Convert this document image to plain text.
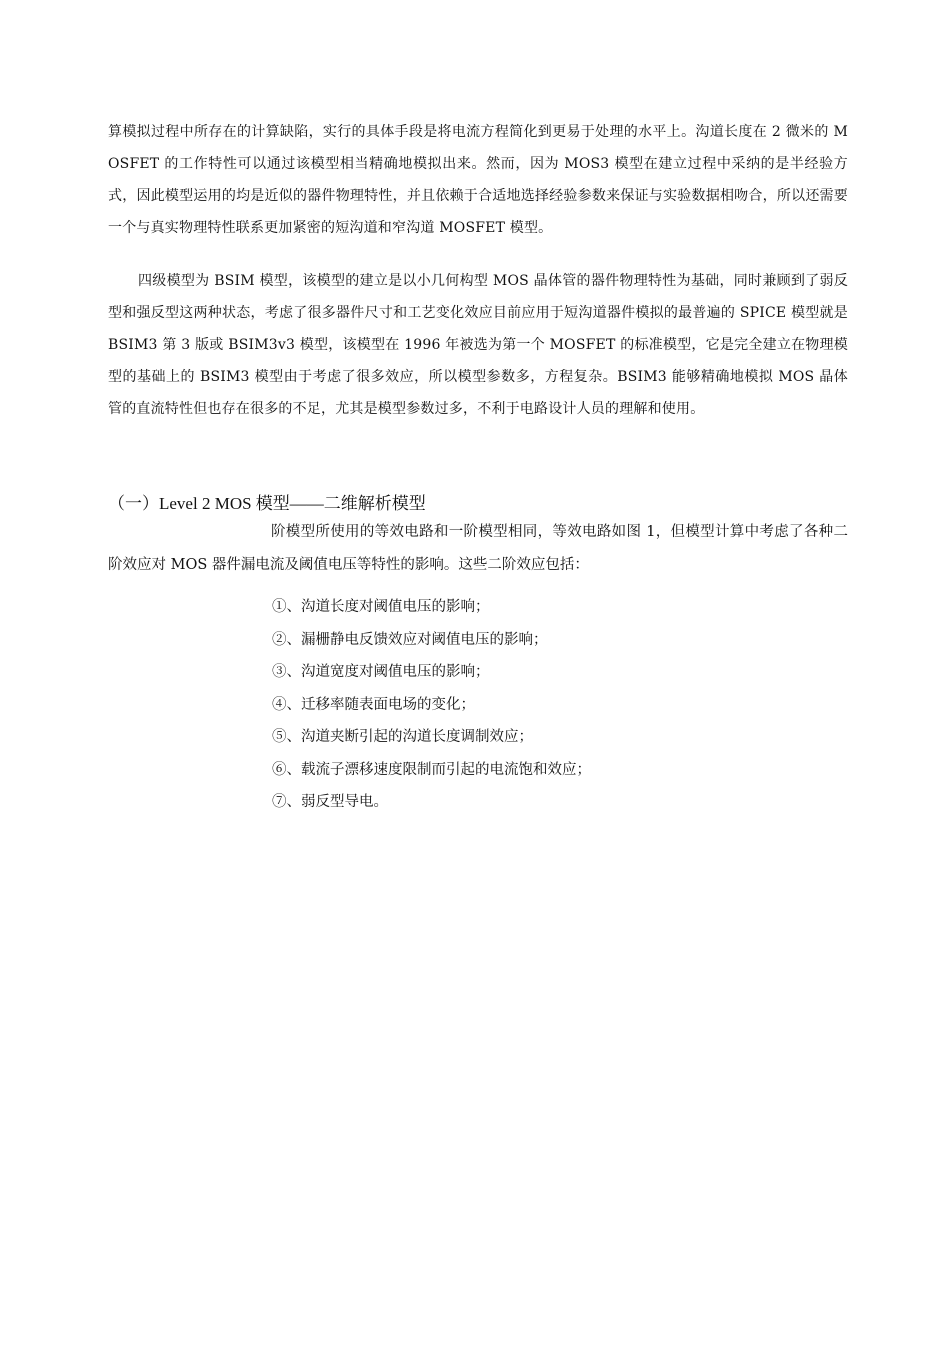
算模拟过程中所存在的计算缺陷，实行的具体手段是将电流方程简化到更易于处理的水平上。沟道长度在 2 微米的 MOSFET 的工作特性可以通过该模型相当精确地模拟出来。然而，因为 MOS3 模型在建立过程中采纳的是半经验方式，因此模型运用的均是近似的器件物理特性，并且依赖于合适地选择经验参数来保证与实验数据相吻合，所以还需要一个与真实物理特性联系更加紧密的短沟道和窄沟道 MOSFET 模型。

四级模型为 BSIM 模型，该模型的建立是以小几何构型 MOS 晶体管的器件物理特性为基础，同时兼顾到了弱反型和强反型这两种状态，考虑了很多器件尺寸和工艺变化效应目前应用于短沟道器件模拟的最普遍的 SPICE 模型就是 BSIM3 第 3 版或 BSIM3v3 模型，该模型在 1996 年被选为第一个 MOSFET 的标准模型，它是完全建立在物理模型的基础上的 BSIM3 模型由于考虑了很多效应，所以模型参数多，方程复杂。BSIM3 能够精确地模拟 MOS 晶体管的直流特性但也存在很多的不足，尤其是模型参数过多，不利于电路设计人员的理解和使用。

（一）Level 2 MOS 模型——二维解析模型

阶模型所使用的等效电路和一阶模型相同，等效电路如图 1，但模型计算中考虑了各种二阶效应对 MOS 器件漏电流及阈值电压等特性的影响。这些二阶效应包括：

①、沟道长度对阈值电压的影响；
②、漏栅静电反馈效应对阈值电压的影响；
③、沟道宽度对阈值电压的影响；
④、迁移率随表面电场的变化；
⑤、沟道夹断引起的沟道长度调制效应；
⑥、载流子漂移速度限制而引起的电流饱和效应；
⑦、弱反型导电。
